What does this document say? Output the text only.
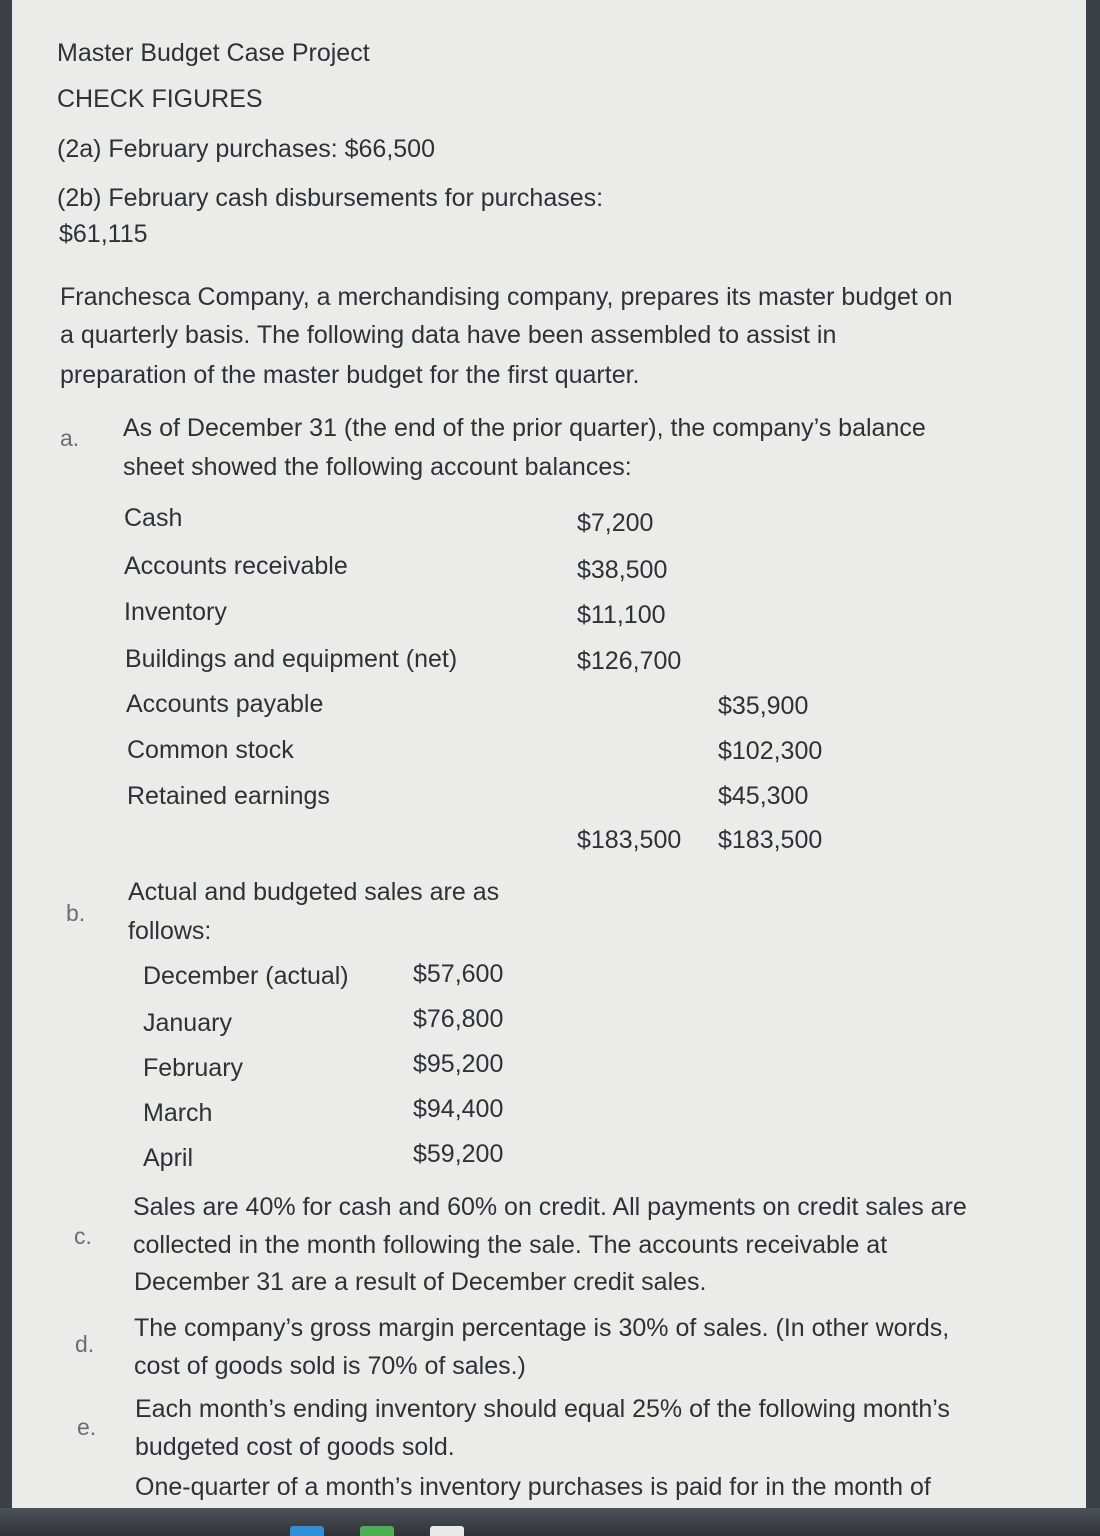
Master Budget Case Project
CHECK FIGURES
(2a) February purchases: $66,500
(2b) February cash disbursements for purchases:
$61,115
Franchesca Company, a merchandising company, prepares its master budget on
a quarterly basis. The following data have been assembled to assist in
preparation of the master budget for the first quarter.
a. As of December 31 (the end of the prior quarter), the company’s balance
sheet showed the following account balances:
Cash	$7,200
Accounts receivable	$38,500
Inventory	$11,100
Buildings and equipment (net)	$126,700
Accounts payable	$35,900
Common stock	$102,300
Retained earnings	$45,300
$183,500 $183,500
b.
Actual and budgeted sales are as
follows:
December (actual)	$57,600
January	$76,800
February	$95,200
March	$94,400
April	$59,200
c.
Sales are 40% for cash and 60% on credit. All payments on credit sales are
collected in the month following the sale. The accounts receivable at
December 31 are a result of December credit sales.
d.
The company’s gross margin percentage is 30% of sales. (In other words,
cost of goods sold is 70% of sales.)
e.
Each month’s ending inventory should equal 25% of the following month’s
budgeted cost of goods sold.
One-quarter of a month’s inventory purchases is paid for in the month of
